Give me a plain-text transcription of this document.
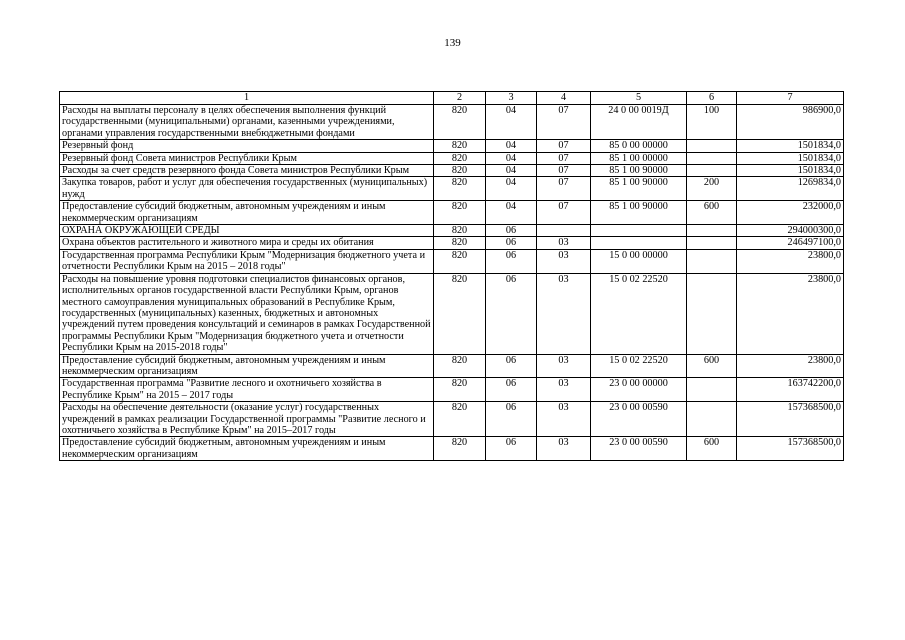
139
1	2	3	4	5	6	7
Расходы на выплаты персоналу в целях обеспечения выполнения функций государственными (муниципальными) органами, казенными учреждениями, органами управления государственными внебюджетными фондами	820	04	07	24 0 00 0019Д	100	986900,0
Резервный фонд	820	04	07	85 0 00 00000		1501834,0
Резервный фонд Совета министров Республики Крым	820	04	07	85 1 00 00000		1501834,0
Расходы за счет средств резервного фонда Совета министров Республики Крым	820	04	07	85 1 00 90000		1501834,0
Закупка товаров, работ и услуг для обеспечения государственных (муниципальных) нужд	820	04	07	85 1 00 90000	200	1269834,0
Предоставление субсидий бюджетным, автономным учреждениям и иным некоммерческим организациям	820	04	07	85 1 00 90000	600	232000,0
ОХРАНА ОКРУЖАЮЩЕЙ СРЕДЫ	820	06				294000300,0
Охрана объектов растительного и животного мира и среды их обитания	820	06	03			246497100,0
Государственная программа Республики Крым "Модернизация бюджетного учета и отчетности Республики Крым на 2015 – 2018 годы"	820	06	03	15 0 00 00000		23800,0
Расходы на повышение уровня подготовки специалистов финансовых органов, исполнительных органов государственной власти Республики Крым, органов местного самоуправления муниципальных образований в Республике Крым, государственных (муниципальных) казенных, бюджетных и автономных учреждений путем проведения консультаций и семинаров в рамках Государственной программы Республики Крым "Модернизация бюджетного учета и отчетности Республики Крым на 2015-2018 годы"	820	06	03	15 0 02 22520		23800,0
Предоставление субсидий бюджетным, автономным учреждениям и иным некоммерческим организациям	820	06	03	15 0 02 22520	600	23800,0
Государственная программа "Развитие лесного и охотничьего хозяйства в Республике Крым" на 2015 – 2017 годы	820	06	03	23 0 00 00000		163742200,0
Расходы на обеспечение деятельности (оказание услуг) государственных учреждений в рамках реализации Государственной программы "Развитие лесного и охотничьего хозяйства в Республике Крым" на 2015–2017 годы	820	06	03	23 0 00 00590		157368500,0
Предоставление субсидий бюджетным, автономным учреждениям и иным некоммерческим организациям	820	06	03	23 0 00 00590	600	157368500,0
